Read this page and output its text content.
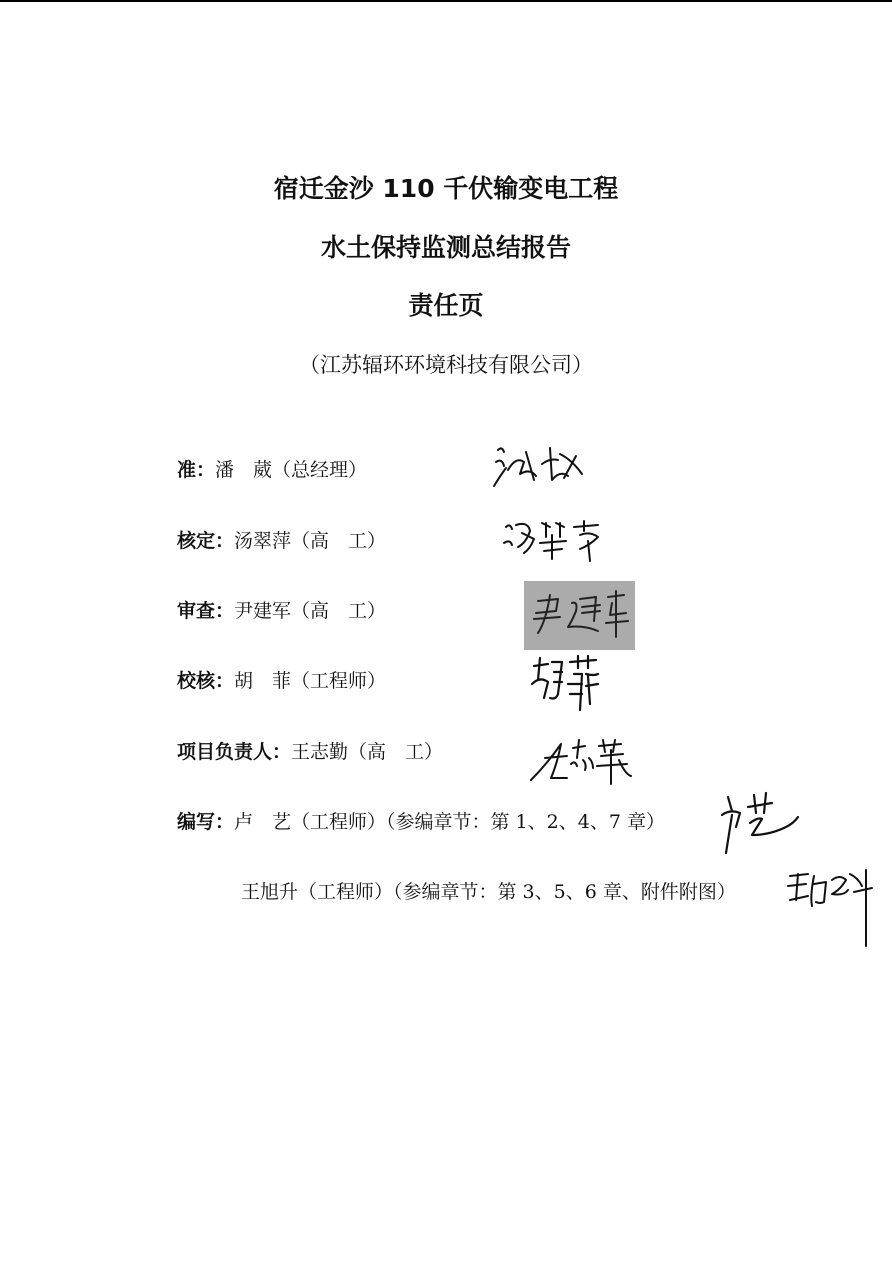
宿迁金沙 110 千伏输变电工程
水土保持监测总结报告
责任页
（江苏辐环环境科技有限公司）
准：潘　葳（总经理）
核定：汤翠萍（高　工）
审查：尹建军（高　工）
校核：胡　菲（工程师）
项目负责人：王志勤（高　工）
编写：卢　艺（工程师）（参编章节：第 1、2、4、7 章）
王旭升（工程师）（参编章节：第 3、5、6 章、附件附图）
